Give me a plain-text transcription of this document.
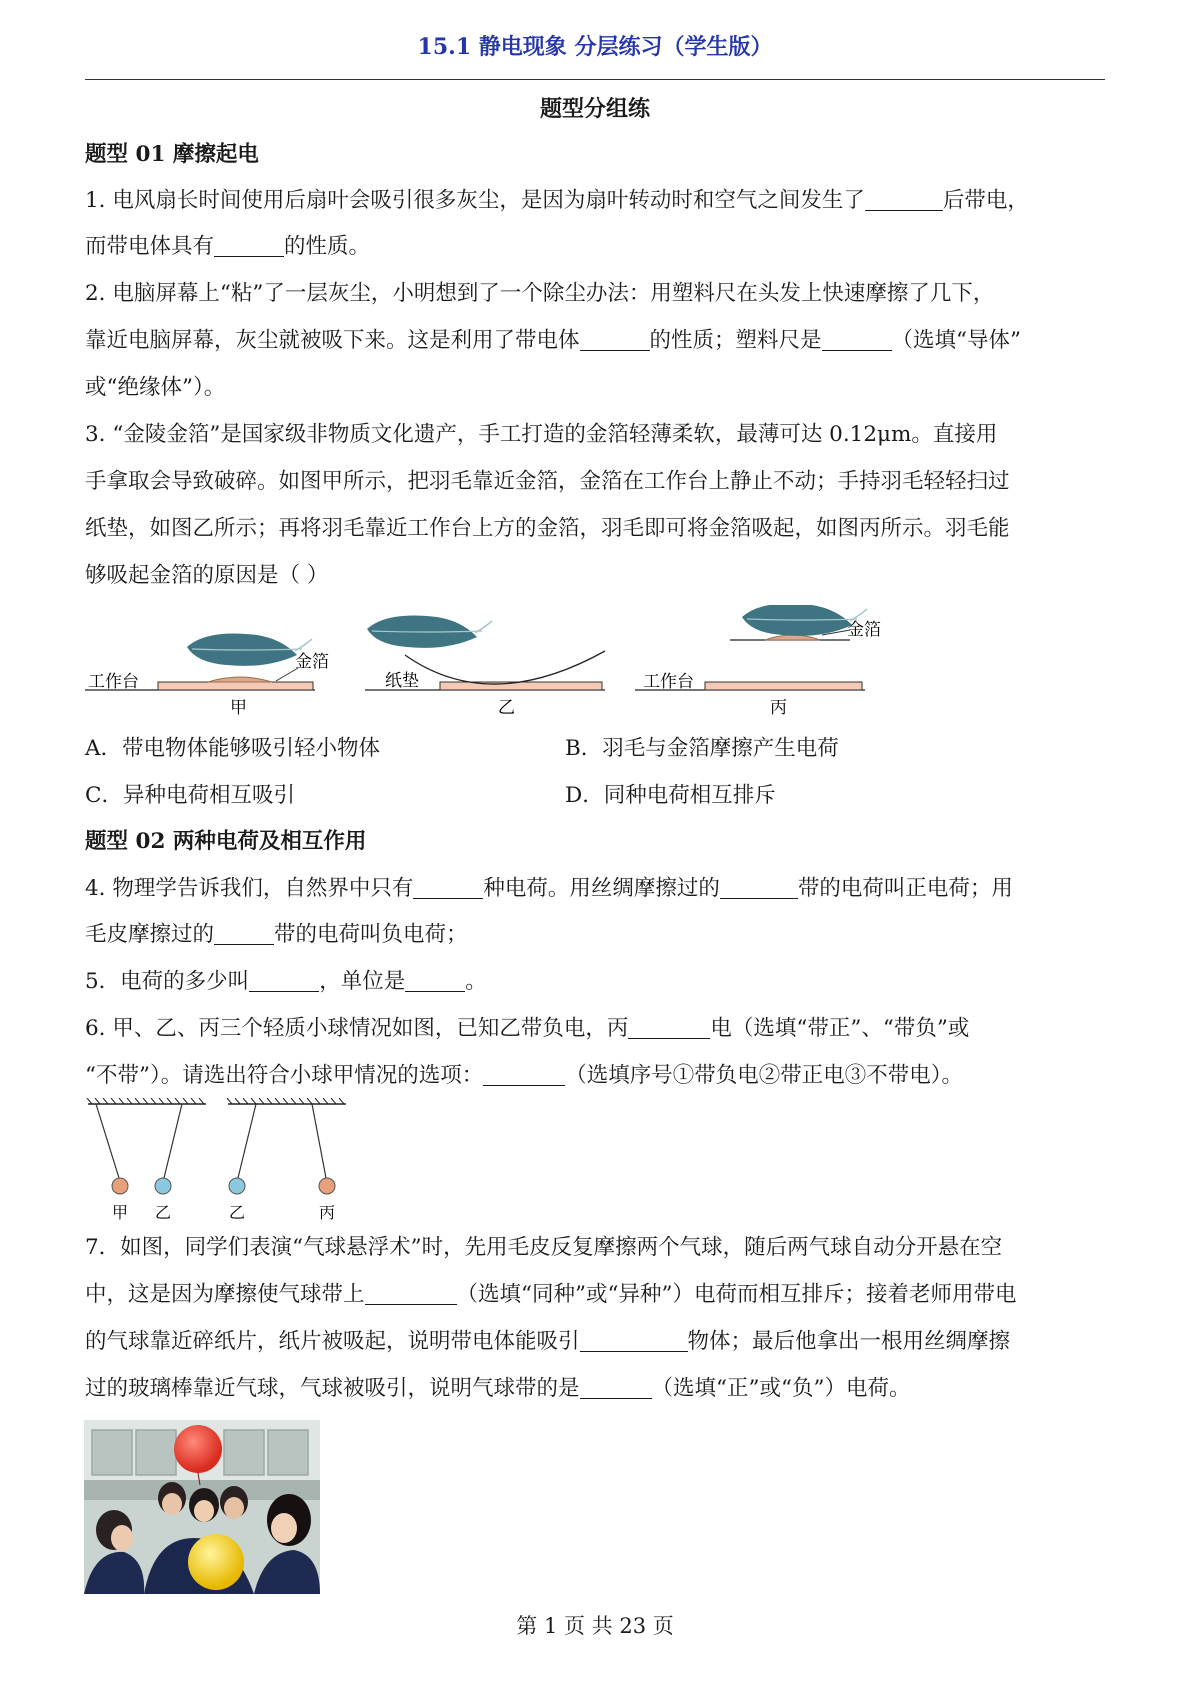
15.1 静电现象 分层练习（学生版）
题型分组练
题型 01 摩擦起电
1. 电风扇长时间使用后扇叶会吸引很多灰尘，是因为扇叶转动时和空气之间发生了	后带电，
而带电体具有	的性质。
2. 电脑屏幕上“粘”了一层灰尘，小明想到了一个除尘办法：用塑料尺在头发上快速摩擦了几下，
靠近电脑屏幕，灰尘就被吸下来。这是利用了带电体	的性质；塑料尺是	（选填“导体”
或“绝缘体”）。
3. “金陵金箔”是国家级非物质文化遗产，手工打造的金箔轻薄柔软，最薄可达 0.12μm。直接用
手拿取会导致破碎。如图甲所示，把羽毛靠近金箔，金箔在工作台上静止不动；手持羽毛轻轻扫过
纸垫，如图乙所示；再将羽毛靠近工作台上方的金箔，羽毛即可将金箔吸起，如图丙所示。羽毛能
够吸起金箔的原因是（ ）
工作台
金箔
甲
纸垫
乙
金箔
工作台
丙
A．带电物体能够吸引轻小物体	B．羽毛与金箔摩擦产生电荷
C．异种电荷相互吸引	D．同种电荷相互排斥
题型 02 两种电荷及相互作用
4. 物理学告诉我们，自然界中只有	种电荷。用丝绸摩擦过的	带的电荷叫正电荷；用
毛皮摩擦过的	带的电荷叫负电荷；
5．电荷的多少叫	，单位是	。
6. 甲、乙、丙三个轻质小球情况如图，已知乙带负电，丙	电（选填“带正”、“带负”或
“不带”）。请选出符合小球甲情况的选项：	（选填序号①带负电②带正电③不带电）。
甲 乙	乙	丙
7．如图，同学们表演“气球悬浮术”时，先用毛皮反复摩擦两个气球，随后两气球自动分开悬在空
中，这是因为摩擦使气球带上	（选填“同种”或“异种”）电荷而相互排斥；接着老师用带电
的气球靠近碎纸片，纸片被吸起，说明带电体能吸引	物体；最后他拿出一根用丝绸摩擦
过的玻璃棒靠近气球，气球被吸引，说明气球带的是	（选填“正”或“负”）电荷。
第 1 页 共 23 页
